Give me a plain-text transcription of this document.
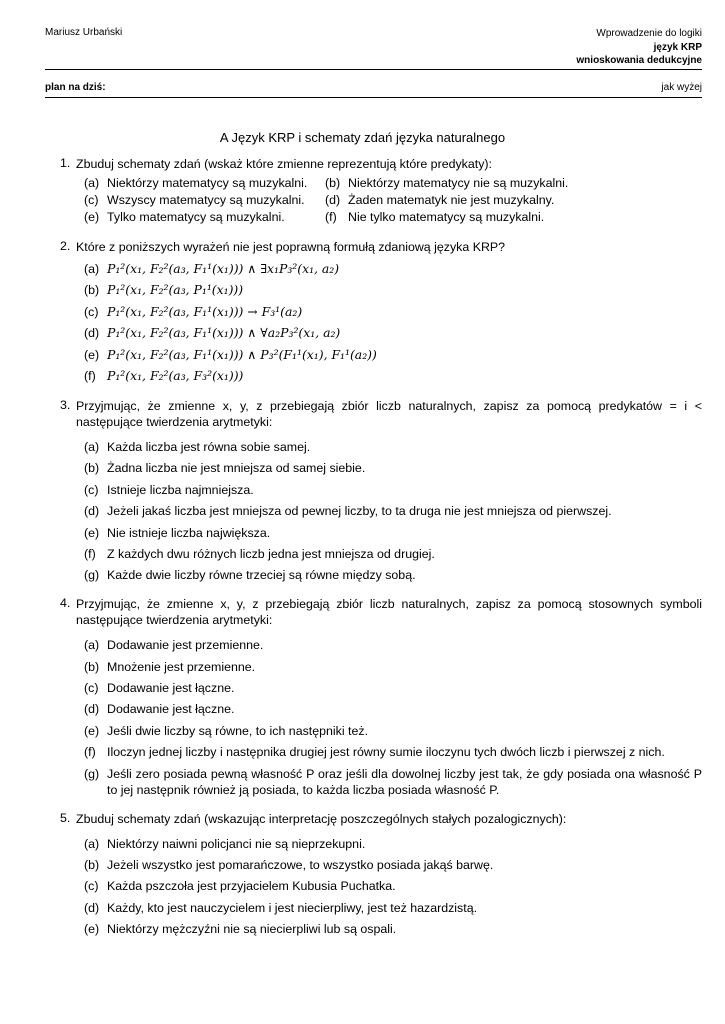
Mariusz Urbański	Wprowadzenie do logiki
język KRP
wnioskowania dedukcyjne
plan na dziś:	jak wyżej
A Język KRP i schematy zdań języka naturalnego
1. Zbuduj schematy zdań (wskaż które zmienne reprezentują które predykaty):
(a) Niektórzy matematycy są muzykalni.	(b) Niektórzy matematycy nie są muzykalni.
(c) Wszyscy matematycy są muzykalni.	(d) Żaden matematyk nie jest muzykalny.
(e) Tylko matematycy są muzykalni.	(f) Nie tylko matematycy są muzykalni.
2. Które z poniższych wyrażeń nie jest poprawną formułą zdaniową języka KRP?
(a) P₁²(x₁, F₂²(a₃, F₁¹(x₁))) ∧ ∃x₁P₃²(x₁, a₂)
(b) P₁²(x₁, F₂²(a₃, P₁¹(x₁)))
(c) P₁²(x₁, F₂²(a₃, F₁¹(x₁))) → F₃¹(a₂)
(d) P₁²(x₁, F₂²(a₃, F₁¹(x₁))) ∧ ∀a₂P₃²(x₁, a₂)
(e) P₁²(x₁, F₂²(a₃, F₁¹(x₁))) ∧ P₃²(F₁¹(x₁), F₁¹(a₂))
(f) P₁²(x₁, F₂²(a₃, F₃²(x₁)))
3. Przyjmując, że zmienne x, y, z przebiegają zbiór liczb naturalnych, zapisz za pomocą predykatów = i < następujące twierdzenia arytmetyki:
(a) Każda liczba jest równa sobie samej.
(b) Żadna liczba nie jest mniejsza od samej siebie.
(c) Istnieje liczba najmniejsza.
(d) Jeżeli jakaś liczba jest mniejsza od pewnej liczby, to ta druga nie jest mniejsza od pierwszej.
(e) Nie istnieje liczba największa.
(f) Z każdych dwu różnych liczb jedna jest mniejsza od drugiej.
(g) Każde dwie liczby równe trzeciej są równe między sobą.
4. Przyjmując, że zmienne x, y, z przebiegają zbiór liczb naturalnych, zapisz za pomocą stosownych symboli następujące twierdzenia arytmetyki:
(a) Dodawanie jest przemienne.
(b) Mnożenie jest przemienne.
(c) Dodawanie jest łączne.
(d) Dodawanie jest łączne.
(e) Jeśli dwie liczby są równe, to ich następniki też.
(f) Iloczyn jednej liczby i następnika drugiej jest równy sumie iloczynu tych dwóch liczb i pierwszej z nich.
(g) Jeśli zero posiada pewną własność P oraz jeśli dla dowolnej liczby jest tak, że gdy posiada ona własność P to jej następnik również ją posiada, to każda liczba posiada własność P.
5. Zbuduj schematy zdań (wskazując interpretację poszczególnych stałych pozalogicznych):
(a) Niektórzy naiwni policjanci nie są nieprzekupni.
(b) Jeżeli wszystko jest pomarańczowe, to wszystko posiada jakąś barwę.
(c) Każda pszczoła jest przyjacielem Kubusia Puchatka.
(d) Każdy, kto jest nauczycielem i jest niecierpliwy, jest też hazardzistą.
(e) Niektórzy mężczyźni nie są niecierpliwi lub są ospali.
